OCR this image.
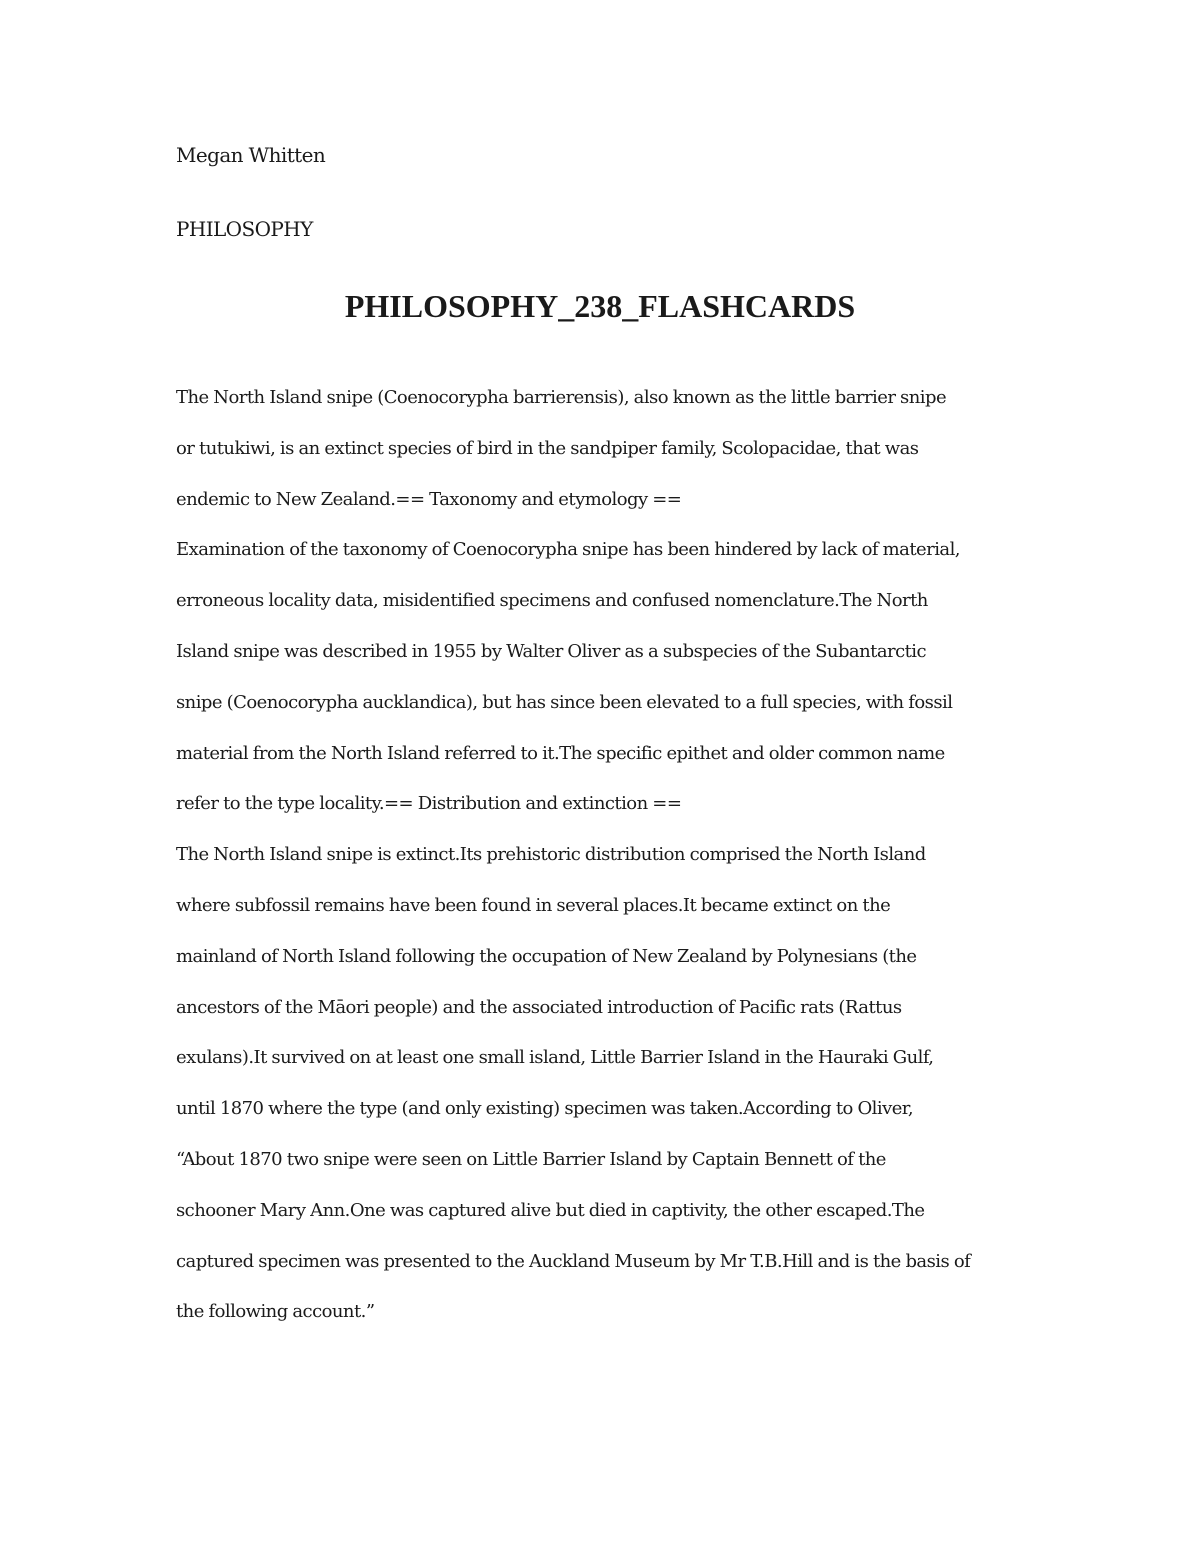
Megan Whitten
PHILOSOPHY
PHILOSOPHY_238_FLASHCARDS
The North Island snipe (Coenocorypha barrierensis), also known as the little barrier snipe
or tutukiwi, is an extinct species of bird in the sandpiper family, Scolopacidae, that was
endemic to New Zealand.== Taxonomy and etymology ==
Examination of the taxonomy of Coenocorypha snipe has been hindered by lack of material,
erroneous locality data, misidentified specimens and confused nomenclature.The North
Island snipe was described in 1955 by Walter Oliver as a subspecies of the Subantarctic
snipe (Coenocorypha aucklandica), but has since been elevated to a full species, with fossil
material from the North Island referred to it.The specific epithet and older common name
refer to the type locality.== Distribution and extinction ==
The North Island snipe is extinct.Its prehistoric distribution comprised the North Island
where subfossil remains have been found in several places.It became extinct on the
mainland of North Island following the occupation of New Zealand by Polynesians (the
ancestors of the Māori people) and the associated introduction of Pacific rats (Rattus
exulans).It survived on at least one small island, Little Barrier Island in the Hauraki Gulf,
until 1870 where the type (and only existing) specimen was taken.According to Oliver,
“About 1870 two snipe were seen on Little Barrier Island by Captain Bennett of the
schooner Mary Ann.One was captured alive but died in captivity, the other escaped.The
captured specimen was presented to the Auckland Museum by Mr T.B.Hill and is the basis of
the following account.”
